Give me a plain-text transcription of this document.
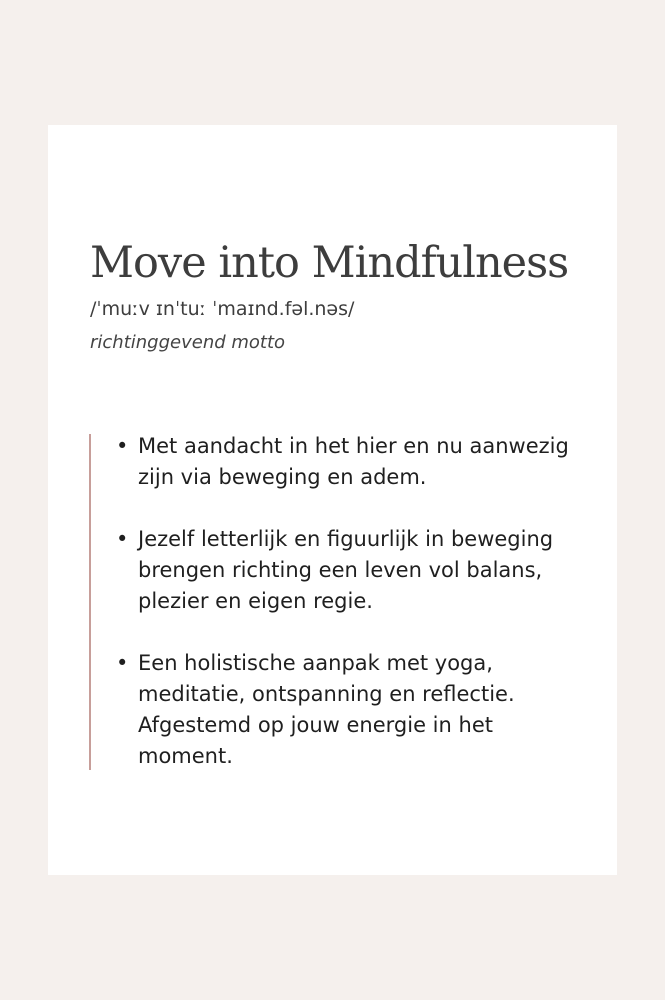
Move into Mindfulness
/ˈmuːv ɪnˈtuː ˈmaɪnd.fəl.nəs/
richtinggevend motto
• Met aandacht in het hier en nu aanwezig zijn via beweging en adem.
• Jezelf letterlijk en figuurlijk in beweging brengen richting een leven vol balans, plezier en eigen regie.
• Een holistische aanpak met yoga, meditatie, ontspanning en reflectie. Afgestemd op jouw energie in het moment.
